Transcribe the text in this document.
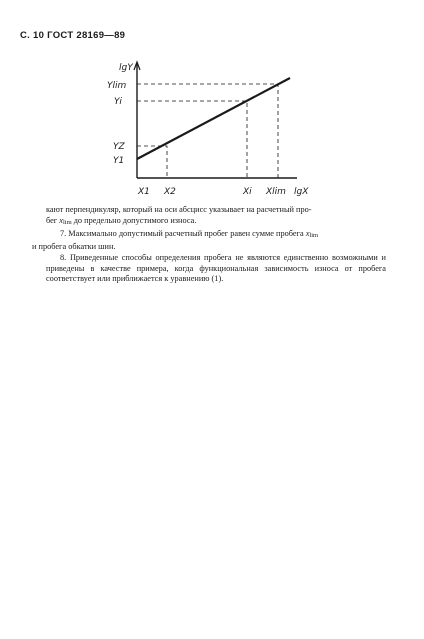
С. 10 ГОСТ 28169—89
lgY
lgX
Y1
YZ
Yi
Ylim
X1 X2	Xi Xlim

кают перпендикуляр, который на оси абсцисс указывает на расчетный про-
бег xlim до предельно допустимого износа.

7. Максимально допустимый расчетный пробег равен сумме пробега xlim
и пробега обкатки шин.

8. Приведенные способы определения пробега не являются единственно возможными и приведены в качестве примера, когда функциональная зависимость износа от пробега соответствует или приближается к уравнению (1).
